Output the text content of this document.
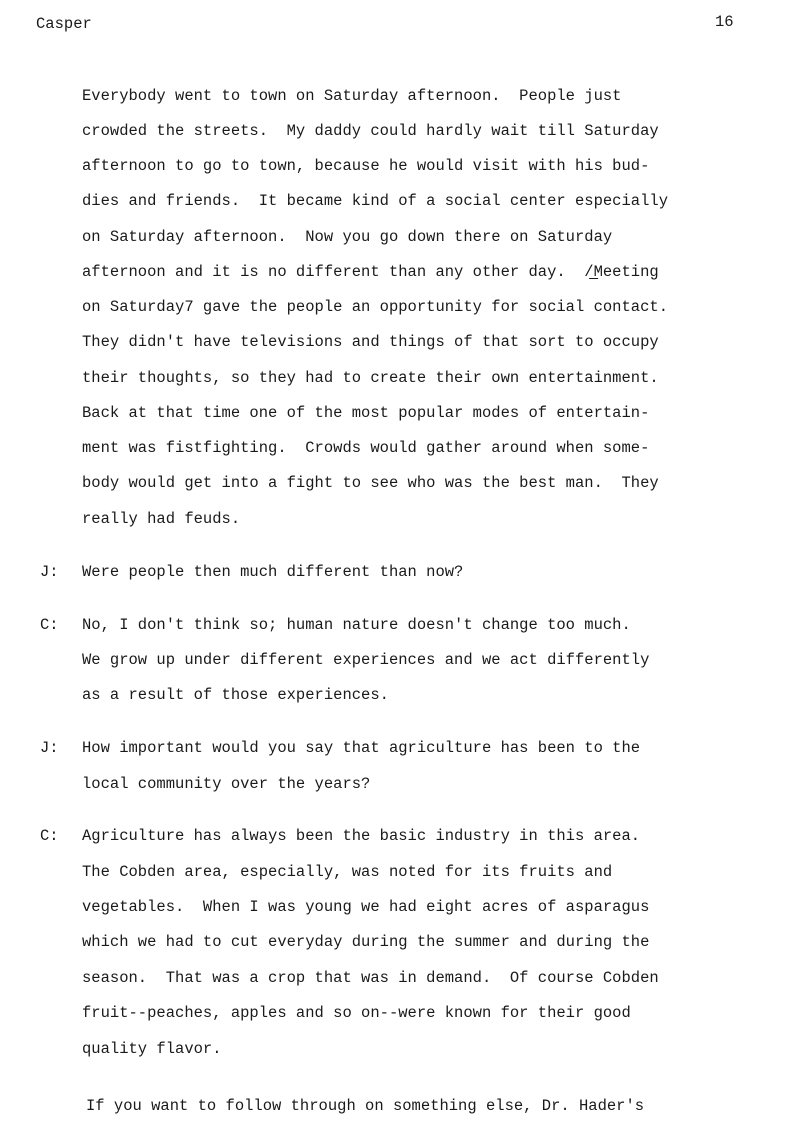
Casper	16
Everybody went to town on Saturday afternoon.  People just
crowded the streets.  My daddy could hardly wait till Saturday
afternoon to go to town, because he would visit with his bud-
dies and friends.  It became kind of a social center especially
on Saturday afternoon.  Now you go down there on Saturday
afternoon and it is no different than any other day.  /̲Meeting
on Saturday7 gave the people an opportunity for social contact.
They didn't have televisions and things of that sort to occupy
their thoughts, so they had to create their own entertainment.
Back at that time one of the most popular modes of entertain-
ment was fistfighting.  Crowds would gather around when some-
body would get into a fight to see who was the best man.  They
really had feuds.
J: Were people then much different than now?
C: No, I don't think so; human nature doesn't change too much.
We grow up under different experiences and we act differently
as a result of those experiences.
J: How important would you say that agriculture has been to the
local community over the years?
C: Agriculture has always been the basic industry in this area.
The Cobden area, especially, was noted for its fruits and
vegetables.  When I was young we had eight acres of asparagus
which we had to cut everyday during the summer and during the
season.  That was a crop that was in demand.  Of course Cobden
fruit--peaches, apples and so on--were known for their good
quality flavor.
If you want to follow through on something else, Dr. Hader's
